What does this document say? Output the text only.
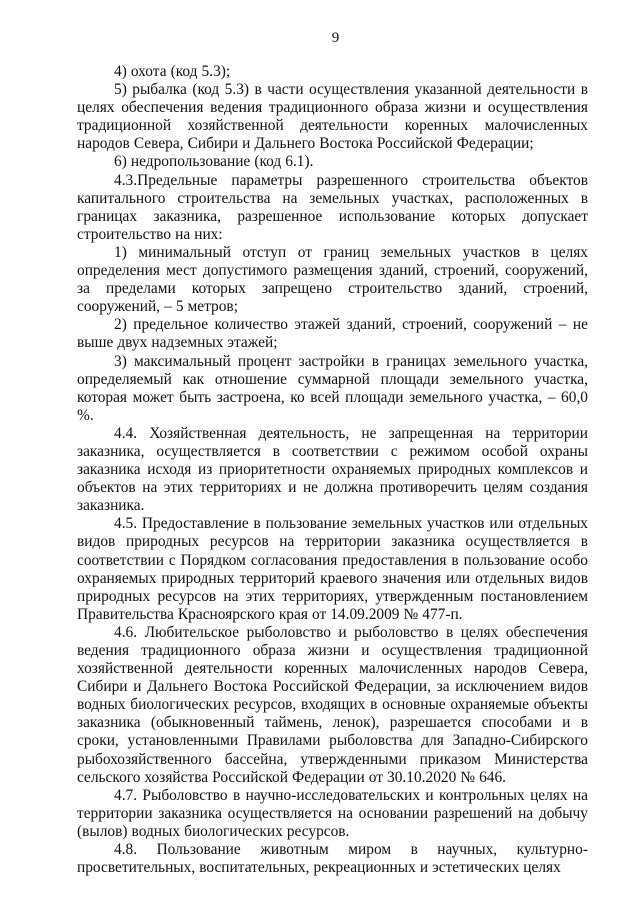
9

4) охота (код 5.3);

5) рыбалка (код 5.3) в части осуществления указанной деятельности в целях обеспечения ведения традиционного образа жизни и осуществления традиционной хозяйственной деятельности коренных малочисленных народов Севера, Сибири и Дальнего Востока Российской Федерации;

6) недропользование (код 6.1).

4.3.Предельные параметры разрешенного строительства объектов капитального строительства на земельных участках, расположенных в границах заказника, разрешенное использование которых допускает строительство на них:

1) минимальный отступ от границ земельных участков в целях определения мест допустимого размещения зданий, строений, сооружений, за пределами которых запрещено строительство зданий, строений, сооружений, – 5 метров;

2) предельное количество этажей зданий, строений, сооружений – не выше двух надземных этажей;

3) максимальный процент застройки в границах земельного участка, определяемый как отношение суммарной площади земельного участка, которая может быть застроена, ко всей площади земельного участка, – 60,0 %.

4.4. Хозяйственная деятельность, не запрещенная на территории заказника, осуществляется в соответствии с режимом особой охраны заказника исходя из приоритетности охраняемых природных комплексов и объектов на этих территориях и не должна противоречить целям создания заказника.

4.5. Предоставление в пользование земельных участков или отдельных видов природных ресурсов на территории заказника осуществляется в соответствии с Порядком согласования предоставления в пользование особо охраняемых природных территорий краевого значения или отдельных видов природных ресурсов на этих территориях, утвержденным постановлением Правительства Красноярского края от 14.09.2009 № 477-п.

4.6. Любительское рыболовство и рыболовство в целях обеспечения ведения традиционного образа жизни и осуществления традиционной хозяйственной деятельности коренных малочисленных народов Севера, Сибири и Дальнего Востока Российской Федерации, за исключением видов водных биологических ресурсов, входящих в основные охраняемые объекты заказника (обыкновенный таймень, ленок), разрешается способами и в сроки, установленными Правилами рыболовства для Западно-Сибирского рыбохозяйственного бассейна, утвержденными приказом Министерства сельского хозяйства Российской Федерации от 30.10.2020 № 646.

4.7. Рыболовство в научно-исследовательских и контрольных целях на территории заказника осуществляется на основании разрешений на добычу (вылов) водных биологических ресурсов.

4.8. Пользование животным миром в научных, культурно-просветительных, воспитательных, рекреационных и эстетических целях
